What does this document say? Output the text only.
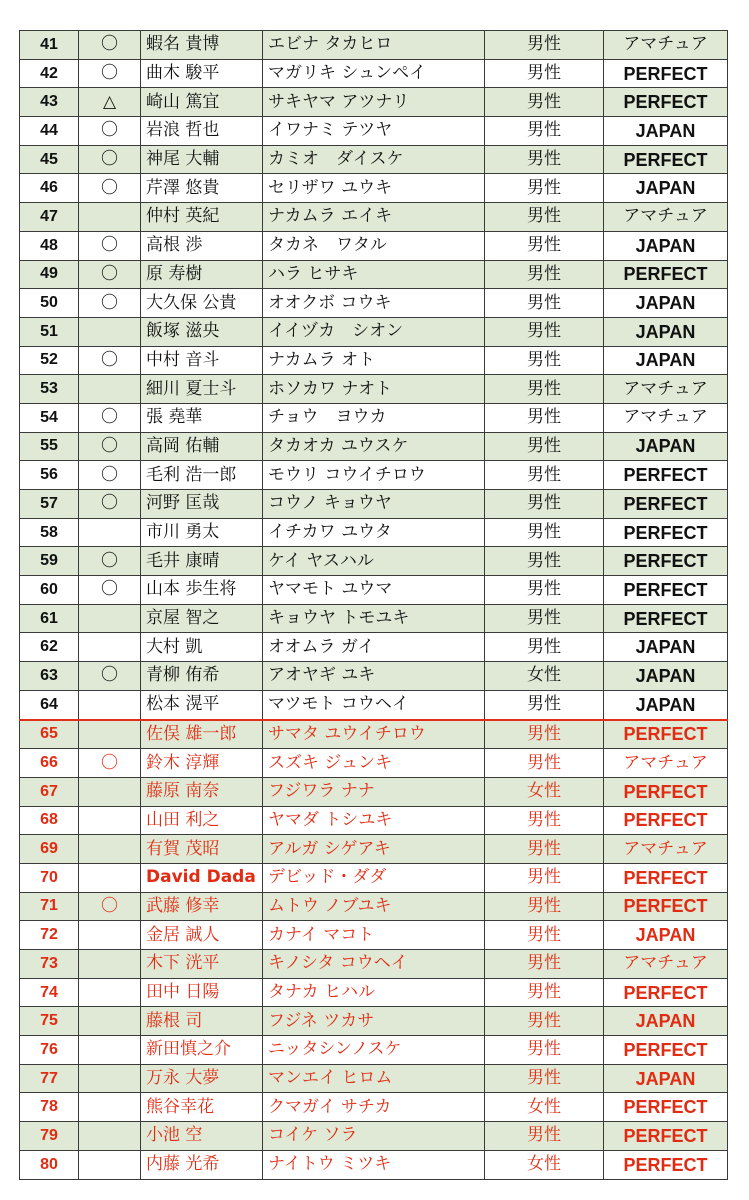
41	〇	蝦名 貴博	エビナ タカヒロ	男性	アマチュア
42	〇	曲木 駿平	マガリキ シュンペイ	男性	PERFECT
43	△	崎山 篤宜	サキヤマ アツナリ	男性	PERFECT
44	〇	岩浪 哲也	イワナミ テツヤ	男性	JAPAN
45	〇	神尾 大輔	カミオ　ダイスケ	男性	PERFECT
46	〇	芹澤 悠貴	セリザワ ユウキ	男性	JAPAN
47		仲村 英紀	ナカムラ エイキ	男性	アマチュア
48	〇	高根 渉	タカネ　ワタル	男性	JAPAN
49	〇	原 寿樹	ハラ ヒサキ	男性	PERFECT
50	〇	大久保 公貴	オオクボ コウキ	男性	JAPAN
51		飯塚 滋央	イイヅカ　シオン	男性	JAPAN
52	〇	中村 音斗	ナカムラ オト	男性	JAPAN
53		細川 夏士斗	ホソカワ ナオト	男性	アマチュア
54	〇	張 堯華	チョウ　ヨウカ	男性	アマチュア
55	〇	高岡 佑輔	タカオカ ユウスケ	男性	JAPAN
56	〇	毛利 浩一郎	モウリ コウイチロウ	男性	PERFECT
57	〇	河野 匡哉	コウノ キョウヤ	男性	PERFECT
58		市川 勇太	イチカワ ユウタ	男性	PERFECT
59	〇	毛井 康晴	ケイ ヤスハル	男性	PERFECT
60	〇	山本 歩生将	ヤマモト ユウマ	男性	PERFECT
61		京屋 智之	キョウヤ トモユキ	男性	PERFECT
62		大村 凱	オオムラ ガイ	男性	JAPAN
63	〇	青柳 侑希	アオヤギ ユキ	女性	JAPAN
64		松本 滉平	マツモト コウヘイ	男性	JAPAN
65		佐俣 雄一郎	サマタ ユウイチロウ	男性	PERFECT
66	〇	鈴木 淳輝	スズキ ジュンキ	男性	アマチュア
67		藤原 南奈	フジワラ ナナ	女性	PERFECT
68		山田 利之	ヤマダ トシユキ	男性	PERFECT
69		有賀 茂昭	アルガ シゲアキ	男性	アマチュア
70		David Dada	デビッド・ダダ	男性	PERFECT
71	〇	武藤 修幸	ムトウ ノブユキ	男性	PERFECT
72		金居 誠人	カナイ マコト	男性	JAPAN
73		木下 洸平	キノシタ コウヘイ	男性	アマチュア
74		田中 日陽	タナカ ヒハル	男性	PERFECT
75		藤根 司	フジネ ツカサ	男性	JAPAN
76		新田慎之介	ニッタシンノスケ	男性	PERFECT
77		万永 大夢	マンエイ ヒロム	男性	JAPAN
78		熊谷幸花	クマガイ サチカ	女性	PERFECT
79		小池 空	コイケ ソラ	男性	PERFECT
80		内藤 光希	ナイトウ ミツキ	女性	PERFECT
